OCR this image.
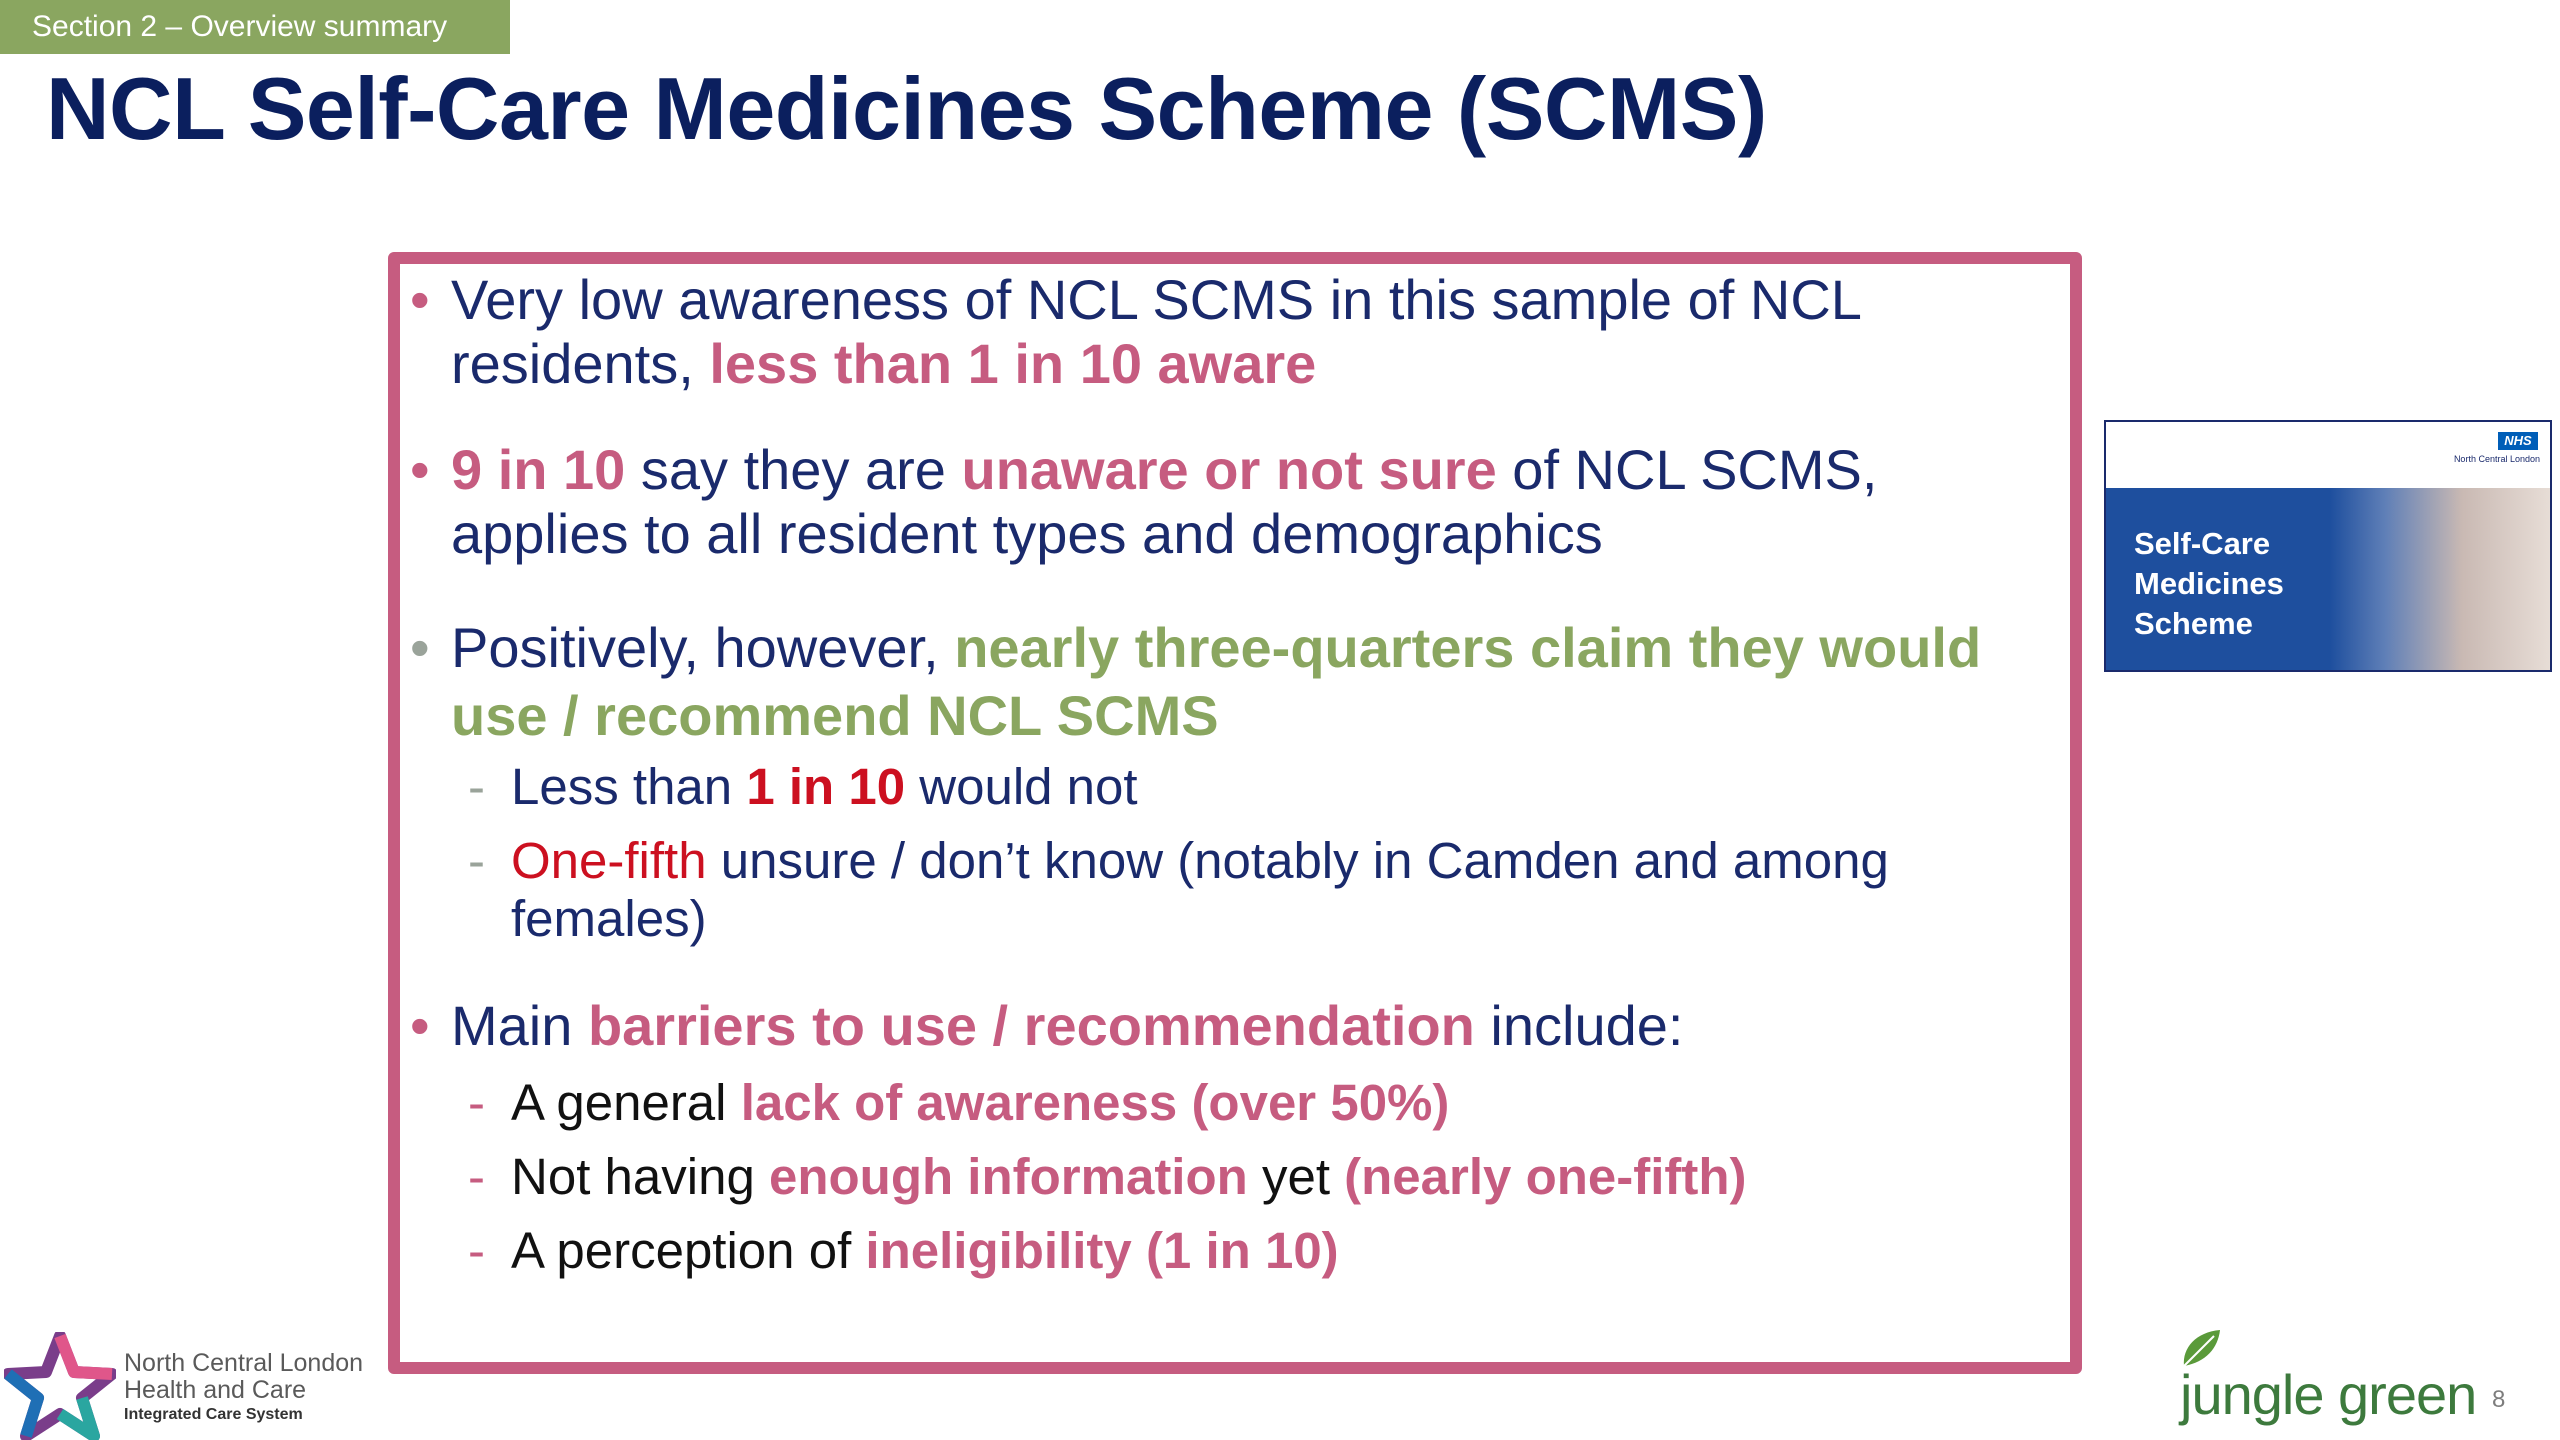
Section 2 – Overview summary
NCL Self-Care Medicines Scheme (SCMS)
• Very low awareness of NCL SCMS in this sample of NCL residents, less than 1 in 10 aware
• 9 in 10 say they are unaware or not sure of NCL SCMS, applies to all resident types and demographics
• Positively, however, nearly three-quarters claim they would use / recommend NCL SCMS
- Less than 1 in 10 would not
- One-fifth unsure / don’t know (notably in Camden and among females)
• Main barriers to use / recommendation include:
- A general lack of awareness (over 50%)
- Not having enough information yet (nearly one-fifth)
- A perception of ineligibility (1 in 10)
NHS
North Central London
Self-Care
Medicines
Scheme
North Central London
Health and Care
Integrated Care System	jungle green 8
